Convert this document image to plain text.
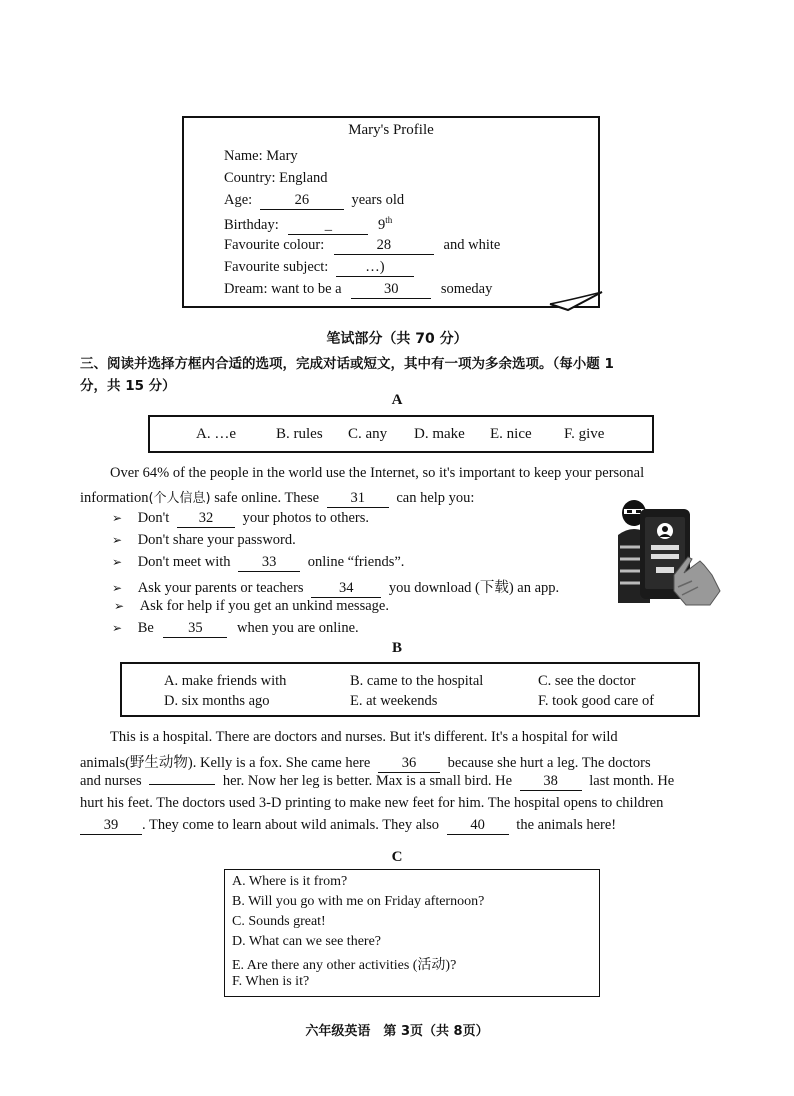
Mary's Profile
Name: Mary
Country: England
Age:	26	years old
Birthday:	_	9th
Favourite colour:	28	and white
Favourite subject:	…)
Dream: want to be a	30	someday
笔试部分（共 70 分）
三、阅读并选择方框内合适的选项，完成对话或短文，其中有一项为多余选项。（每小题 1
分，共 15 分）
A
A. …e	B. rules C. any D. make E. nice F. give
Over 64% of the people in the world use the Internet, so it's important to keep your personal
information(个人信息) safe online. These 31 can help you:
➢ Don't 32 your photos to others.
➢ Don't share your password.
➢ Don't meet with 33 online “friends”.
➢ Ask your parents or teachers 34 you download (下载) an app.
➢ Ask for help if you get an unkind message.
➢ Be 35 when you are online.
B
A. make friends with	B. came to the hospital	C. see the doctor
D. six months ago	E. at weekends	F. took good care of
This is a hospital. There are doctors and nurses. But it's different. It's a hospital for wild
animals(野生动物). Kelly is a fox. She came here 36 because she hurt a leg. The doctors
and nurses	her. Now her leg is better. Max is a small bird. He 38 last month. He
hurt his feet. The doctors used 3-D printing to make new feet for him. The hospital opens to children
39 . They come to learn about wild animals. They also 40 the animals here!
C
A. Where is it from?
B. Will you go with me on Friday afternoon?
C. Sounds great!
D. What can we see there?
E. Are there any other activities (活动)?
F. When is it?
六年级英语　第 3页（共 8页）
